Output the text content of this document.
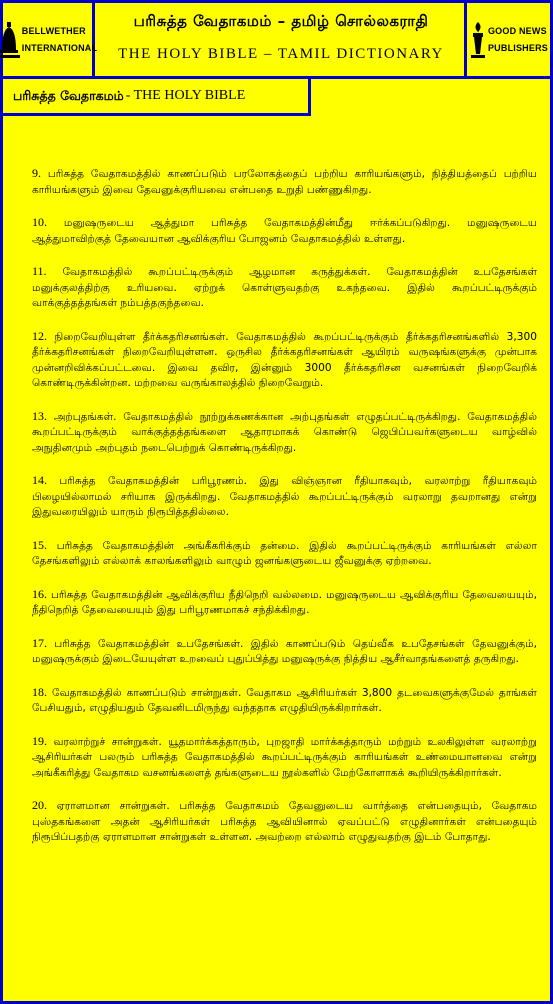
BELLWETHER
INTERNATIONAL
பரிசுத்த வேதாகமம் – தமிழ் சொல்லகராதி
THE HOLY BIBLE – TAMIL DICTIONARY
GOOD NEWS
PUBLISHERS
பரிசுத்த வேதாகமம் - THE HOLY BIBLE

9. பரிசுத்த வேதாகமத்தில் காணப்படும் பரலோகத்தைப் பற்றிய காரியங்களும், நித்தியத்தைப் பற்றிய காரியங்களும் இவை தேவனுக்குரியவை என்பதை உறுதி பண்ணுகிறது.

10. மனுஷருடைய ஆத்துமா பரிசுத்த வேதாகமத்தின்மீது ஈர்க்கப்படுகிறது. மனுஷருடைய ஆத்துமாவிற்குத் தேவையான ஆவிக்குரிய போஜனம் வேதாகமத்தில் உள்ளது.

11. வேதாகமத்தில் கூறப்பட்டிருக்கும் ஆழமான கருத்துக்கள். வேதாகமத்தின் உபதேசங்கள் மனுக்குலத்திற்கு உரியவை. ஏற்றுக் கொள்ளுவதற்கு உகந்தவை. இதில் கூறப்பட்டிருக்கும் வாக்குத்தத்தங்கள் நம்பத்தகுந்தவை.

12. நிறைவேறியுள்ள தீர்க்கதரிசனங்கள். வேதாகமத்தில் கூறப்பட்டிருக்கும் தீர்க்கதரிசனங்களில் 3,300 தீர்க்கதரிசனங்கள் நிறைவேறியுள்ளன. ஒருசில தீர்க்கதரிசனங்கள் ஆயிரம் வருஷங்களுக்கு முன்பாக முன்னறிவிக்கப்பட்டவை. இவை தவிர, இன்னும் 3000 தீர்க்கதரிசன வசனங்கள் நிறைவேறிக் கொண்டிருக்கின்றன. மற்றவை வருங்காலத்தில் நிறைவேறும்.

13. அற்புதங்கள். வேதாகமத்தில் நூற்றுக்கணக்கான அற்புதங்கள் எழுதப்பட்டிருக்கிறது. வேதாகமத்தில் கூறப்பட்டிருக்கும் வாக்குத்தத்தங்களை ஆதாரமாகக் கொண்டு ஜெபிப்பவர்களுடைய வாழ்வில் அநுதினமும் அற்புதம் நடைபெற்றுக் கொண்டிருக்கிறது.

14. பரிசுத்த வேதாகமத்தின் பரிபூரணம். இது விஞ்ஞான ரீதியாகவும், வரலாற்று ரீதியாகவும் பிழையில்லாமல் சரியாக இருக்கிறது. வேதாகமத்தில் கூறப்பட்டிருக்கும் வரலாறு தவறானது என்று இதுவரையிலும் யாரும் நிரூபித்ததில்லை.

15. பரிசுத்த வேதாகமத்தின் அங்கீகரிக்கும் தன்மை. இதில் கூறப்பட்டிருக்கும் காரியங்கள் எல்லா தேசங்களிலும் எல்லாக் காலங்களிலும் வாழும் ஜனங்களுடைய ஜீவனுக்கு ஏற்றவை.

16. பரிசுத்த வேதாகமத்தின் ஆவிக்குரிய நீதிநெறி வல்லமை. மனுஷருடைய ஆவிக்குரிய தேவையையும், நீதிநெறித் தேவையையும் இது பரிபூரணமாகச் சந்திக்கிறது.

17. பரிசுத்த வேதாகமத்தின் உபதேசங்கள். இதில் காணப்படும் தெய்வீக உபதேசங்கள் தேவனுக்கும், மனுஷருக்கும் இடையேயுள்ள உறவைப் புதுப்பித்து மனுஷருக்கு நித்திய ஆசீர்வாதங்களைத் தருகிறது.

18. வேதாகமத்தில் காணப்படும் சான்றுகள். வேதாகம ஆசிரியர்கள் 3,800 தடவைகளுக்குமேல் தாங்கள் பேசியதும், எழுதியதும் தேவனிடமிருந்து வந்ததாக எழுதியிருக்கிறார்கள்.

19. வரலாற்றுச் சான்றுகள். யூதமார்க்கத்தாரும், புறஜாதி மார்க்கத்தாரும் மற்றும் உலகிலுள்ள வரலாற்று ஆசிரியர்கள் பலரும் பரிசுத்த வேதாகமத்தில் கூறப்பட்டிருக்கும் காரியங்கள் உண்மையானவை என்று அங்கீகரித்து வேதாகம வசனங்களைத் தங்களுடைய நூல்களில் மேற்கோளாகக் கூறியிருக்கிறார்கள்.

20. ஏராளமான சான்றுகள். பரிசுத்த வேதாகமம் தேவனுடைய வார்த்தை என்பதையும், வேதாகம புஸ்தகங்களை அதன் ஆசிரியர்கள் பரிசுத்த ஆவியினால் ஏவப்பட்டு எழுதினார்கள் என்பதையும் நிரூபிப்பதற்கு ஏராளமான சான்றுகள் உள்ளன. அவற்றை எல்லாம் எழுதுவதற்கு இடம் போதாது.
